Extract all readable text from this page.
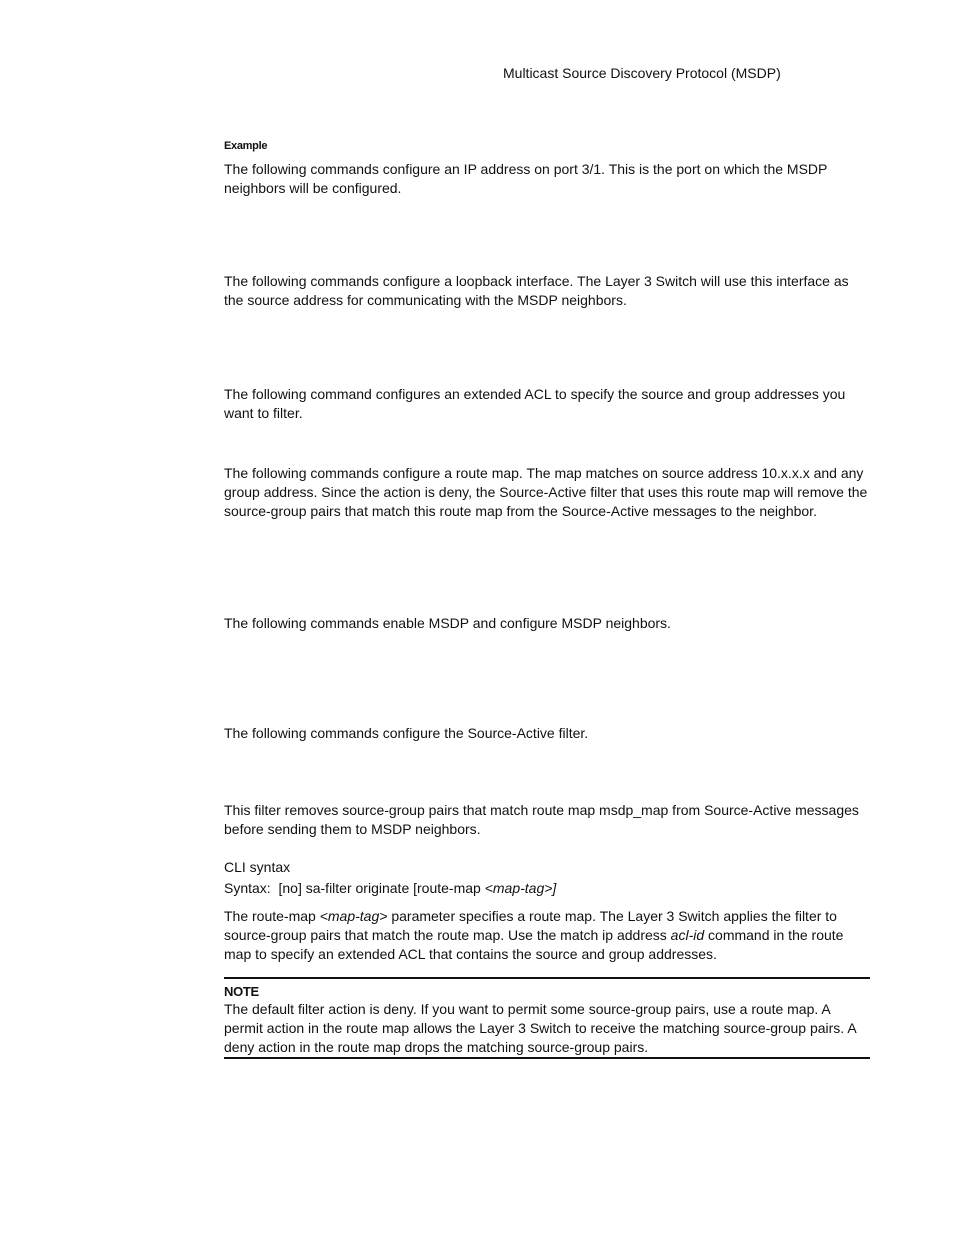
Multicast Source Discovery Protocol (MSDP)
Example

The following commands configure an IP address on port 3/1. This is the port on which the MSDP neighbors will be configured.

The following commands configure a loopback interface. The Layer 3 Switch will use this interface as the source address for communicating with the MSDP neighbors.

The following command configures an extended ACL to specify the source and group addresses you want to filter.

The following commands configure a route map. The map matches on source address 10.x.x.x and any group address. Since the action is deny, the Source-Active filter that uses this route map will remove the source-group pairs that match this route map from the Source-Active messages to the neighbor.

The following commands enable MSDP and configure MSDP neighbors.

The following commands configure the Source-Active filter.

This filter removes source-group pairs that match route map msdp_map from Source-Active messages before sending them to MSDP neighbors.

CLI syntax
Syntax: [no] sa-filter originate [route-map <map-tag>]

The route-map <map-tag> parameter specifies a route map. The Layer 3 Switch applies the filter to source-group pairs that match the route map. Use the match ip address acl-id command in the route map to specify an extended ACL that contains the source and group addresses.

NOTE
The default filter action is deny. If you want to permit some source-group pairs, use a route map. A permit action in the route map allows the Layer 3 Switch to receive the matching source-group pairs. A deny action in the route map drops the matching source-group pairs.
